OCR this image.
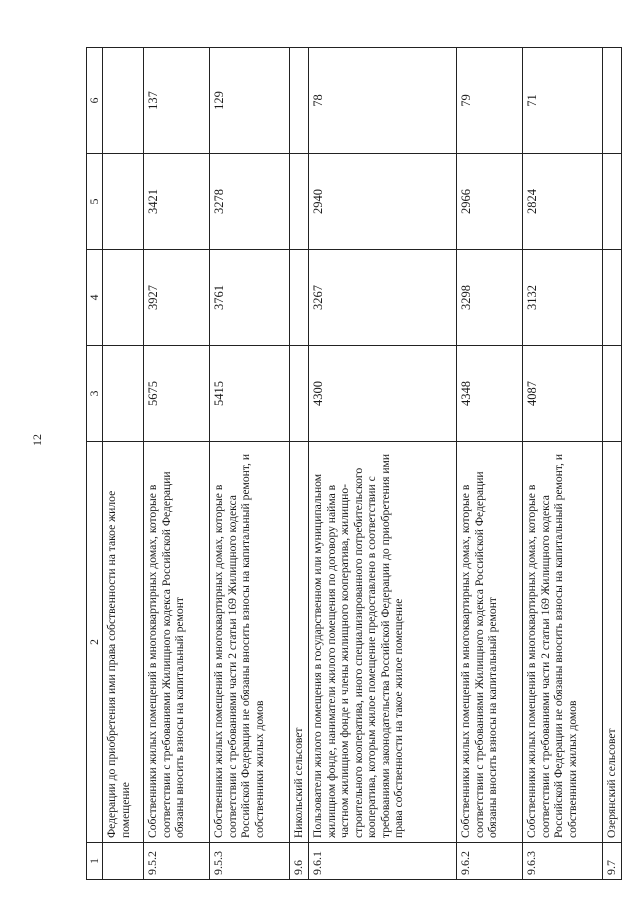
12
1	2	3	4	5	6
	Федерации до приобретения ими права собственности на такое жилое помещение				
9.5.2	Собственники жилых помещений в многоквартирных домах, которые в соответствии с требованиями Жилищного кодекса Российской Федерации обязаны вносить взносы на капитальный ремонт	5675	3927	3421	137
9.5.3	Собственники жилых помещений в многоквартирных домах, которые в соответствии с требованиями части 2 статьи 169 Жилищного кодекса Российской Федерации не обязаны вносить взносы на капитальный ремонт, и собственники жилых домов	5415	3761	3278	129
9.6	Никольский сельсовет				
9.6.1	Пользователи жилого помещения в государственном или муниципальном жилищном фонде, наниматели жилого помещения по договору найма в частном жилищном фонде и члены жилищного кооператива, жилищно-строительного кооператива, иного специализированного потребительского кооператива, которым жилое помещение предоставлено в соответствии с требованиями законодательства Российской Федерации до приобретения ими права собственности на такое жилое помещение	4300	3267	2940	78
9.6.2	Собственники жилых помещений в многоквартирных домах, которые в соответствии с требованиями Жилищного кодекса Российской Федерации обязаны вносить взносы на капитальный ремонт	4348	3298	2966	79
9.6.3	Собственники жилых помещений в многоквартирных домах, которые в соответствии с требованиями части 2 статьи 169 Жилищного кодекса Российской Федерации не обязаны вносить взносы на капитальный ремонт, и собственники жилых домов	4087	3132	2824	71
9.7	Озерянский сельсовет				
